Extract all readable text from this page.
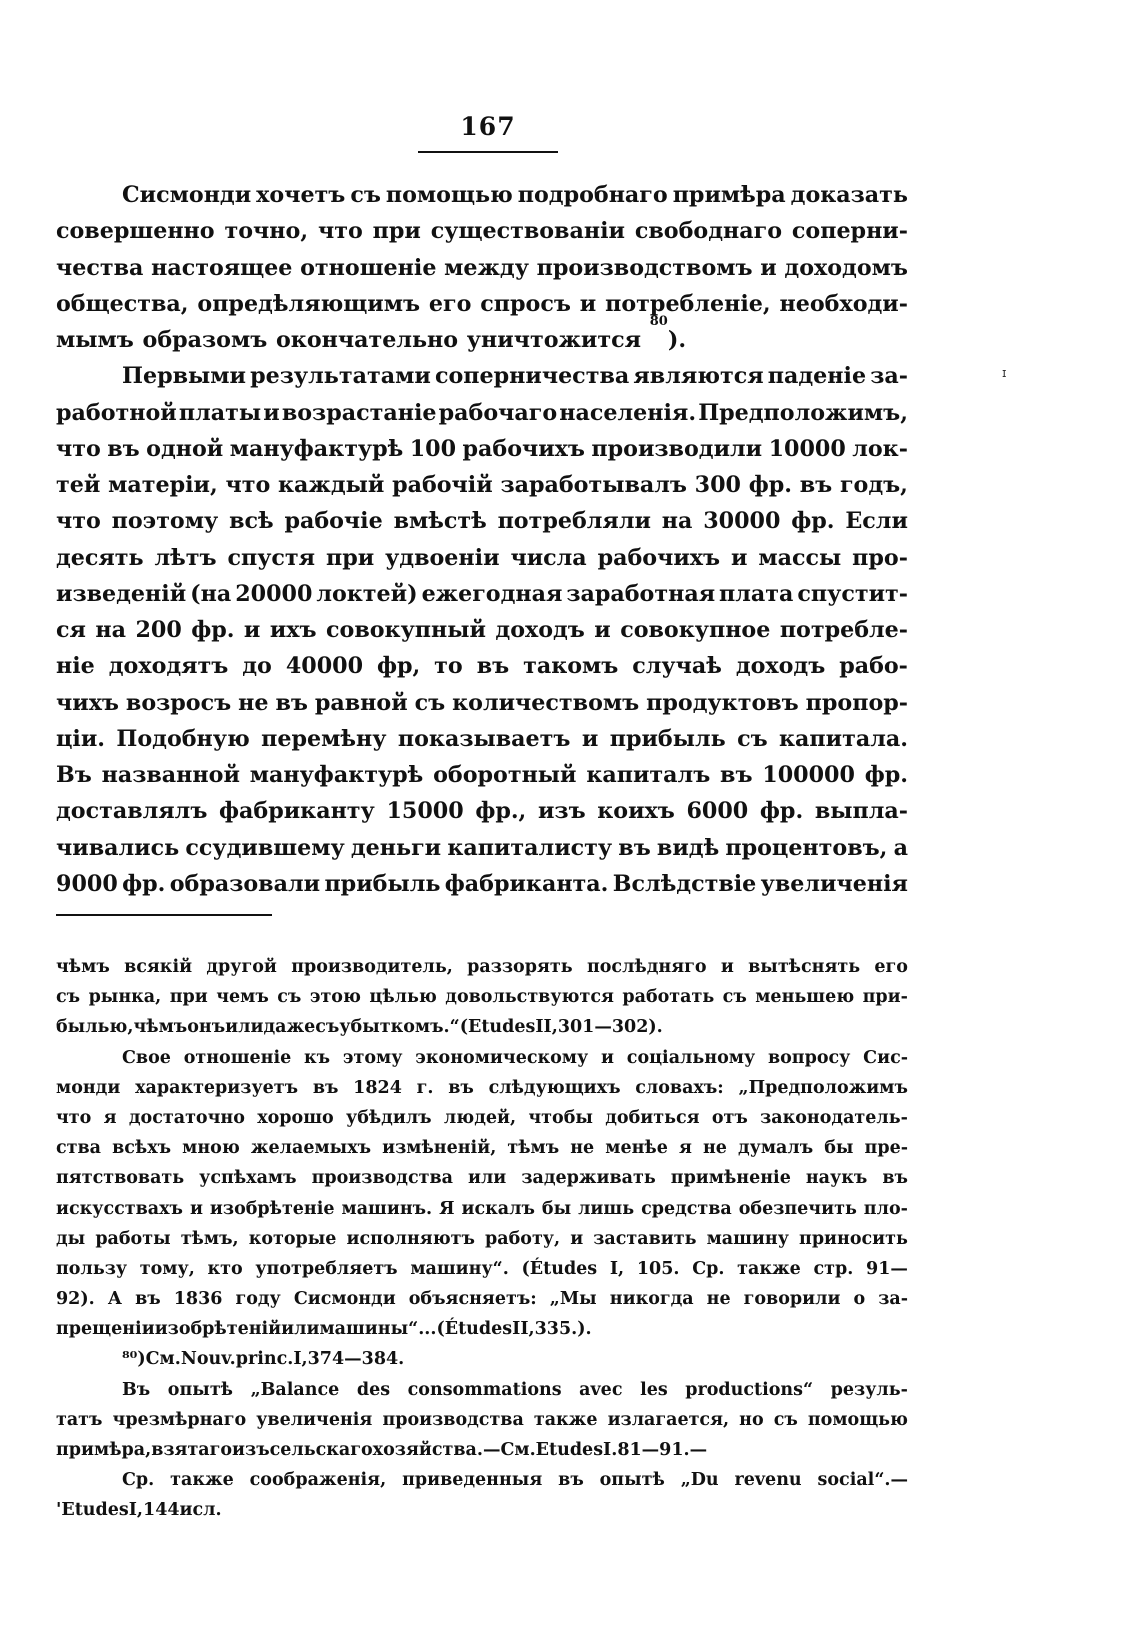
167
ɪ
Сисмонди хочетъ съ помощью подробнаго примѣра доказать
совершенно точно, что при существованіи свободнаго соперни-
чества настоящее отношеніе между производствомъ и доходомъ
общества, опредѣляющимъ его спросъ и потребленіе, необходи-
мымъ образомъ окончательно уничтожится

80
).
Первыми результатами соперничества являются паденіе за-
работной платы и возрастаніе рабочаго населенія. Предположимъ,
что въ одной мануфактурѣ 100 рабочихъ производили 10000 лок-
тей матеріи, что каждый рабочій заработывалъ 300 фр. въ годъ,
что поэтому всѣ рабочіе вмѣстѣ потребляли на 30000 фр. Если
десять лѣтъ спустя при удвоеніи числа рабочихъ и массы про-
изведеній (на 20000 локтей) ежегодная заработная плата спустит-
ся на 200 фр. и ихъ совокупный доходъ и совокупное потребле-
ніе доходятъ до 40000 фр, то въ такомъ случаѣ доходъ рабо-
чихъ возросъ не въ равной съ количествомъ продуктовъ пропор-
ціи. Подобную перемѣну показываетъ и прибыль съ капитала.
Въ названной мануфактурѣ оборотный капиталъ въ 100000 фр.
доставлялъ фабриканту 15000 фр., изъ коихъ 6000 фр. выпла-
чивались ссудившему деньги капиталисту въ видѣ процентовъ, а
9000 фр. образовали прибыль фабриканта. Вслѣдствіе увеличенія
чѣмъ всякій другой производитель, раззорять послѣдняго и вытѣснять его
съ рынка, при чемъ съ этою цѣлью довольствуются работать съ меньшею при-
былью, чѣмъ онъ или даже съ убыткомъ.“ (Etudes II, 301—302).
Свое отношеніе къ этому экономическому и соціальному вопросу Сис-
монди характеризуетъ въ 1824 г. въ слѣдующихъ словахъ: „Предположимъ
что я достаточно хорошо убѣдилъ людей, чтобы добиться отъ законодатель-
ства всѣхъ мною желаемыхъ измѣненій, тѣмъ не менѣе я не думалъ бы пре-
пятствовать успѣхамъ производства или задерживать примѣненіе наукъ въ
искусствахъ и изобрѣтеніе машинъ. Я искалъ бы лишь средства обезпечить пло-
ды работы тѣмъ, которые исполняютъ работу, и заставить машину приносить
пользу тому, кто употребляетъ машину“. (Études I, 105. Ср. также стр. 91—
92). А въ 1836 году Сисмонди объясняетъ: „Мы никогда не говорили о за-
прещеніи изобрѣтеній или машины“... (Études II, 335.).
⁸⁰) См. Nouv. princ. I, 374—384.
Въ опытѣ „Balance des consommations avec les productions“ резуль-
татъ чрезмѣрнаго увеличенія производства также излагается, но съ помощью
примѣра, взятаго изъ сельскаго хозяйства.—См. Etudes I. 81—91.—
Ср. также соображенія, приведенныя въ опытѣ „Du revenu social“.—
'Etudes I, 144 и сл.
